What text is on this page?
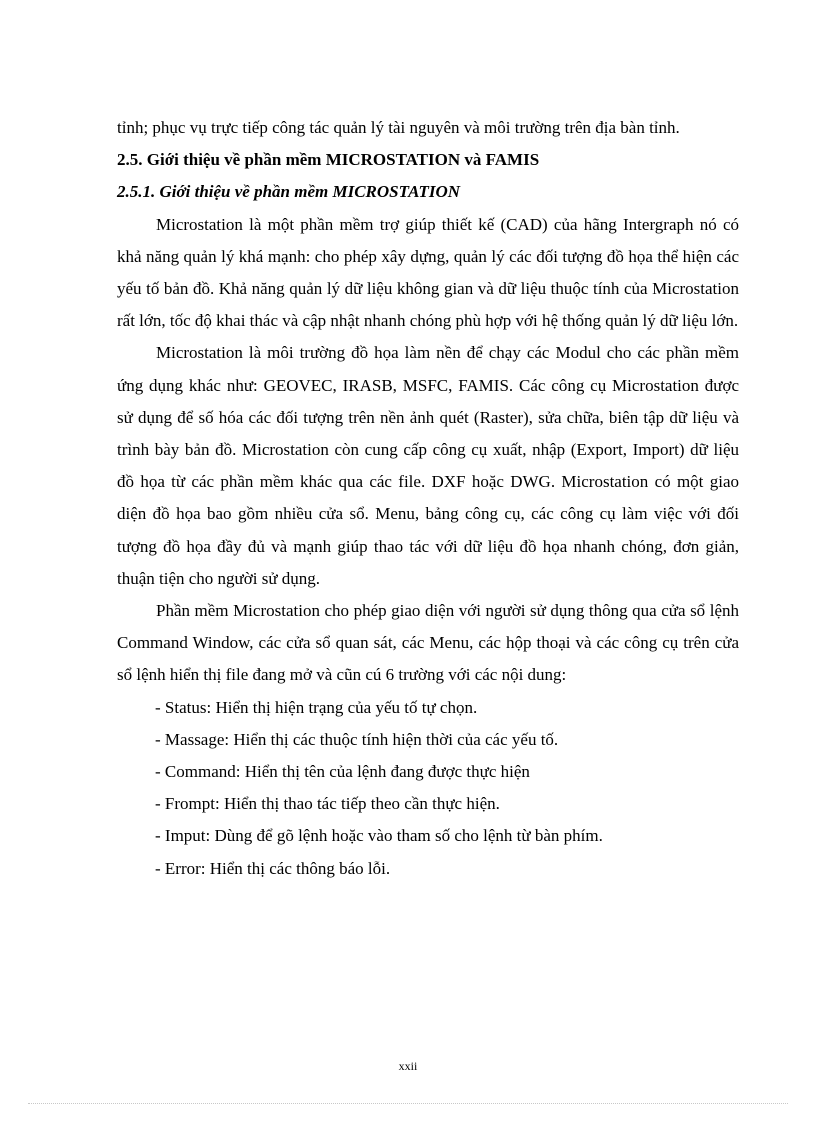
tỉnh; phục vụ trực tiếp công tác quản lý tài nguyên và môi trường trên địa bàn tỉnh.

2.5. Giới thiệu về phần mềm MICROSTATION và FAMIS

2.5.1. Giới thiệu về phần mềm MICROSTATION

Microstation là một phần mềm trợ giúp thiết kế (CAD) của hãng Intergraph nó có khả năng quản lý khá mạnh: cho phép xây dựng, quản lý các đối tượng đồ họa thể hiện các yếu tố bản đồ. Khả năng quản lý dữ liệu không gian và dữ liệu thuộc tính của Microstation rất lớn, tốc độ khai thác và cập nhật nhanh chóng phù hợp với hệ thống quản lý dữ liệu lớn.

Microstation là môi trường đồ họa làm nền để chạy các Modul cho các phần mềm ứng dụng khác như: GEOVEC, IRASB, MSFC, FAMIS. Các công cụ Microstation được sử dụng để số hóa các đối tượng trên nền ảnh quét (Raster), sửa chữa, biên tập dữ liệu và trình bày bản đồ. Microstation còn cung cấp công cụ xuất, nhập (Export, Import) dữ liệu đồ họa từ các phần mềm khác qua các file. DXF hoặc DWG. Microstation có một giao diện đồ họa bao gồm nhiều cửa sổ. Menu, bảng công cụ, các công cụ làm việc với đối tượng đồ họa đầy đủ và mạnh giúp thao tác với dữ liệu đồ họa nhanh chóng, đơn giản, thuận tiện cho người sử dụng.

Phần mềm Microstation cho phép giao diện với người sử dụng thông qua cửa sổ lệnh Command Window, các cửa sổ quan sát, các Menu, các hộp thoại và các công cụ trên cửa sổ lệnh hiển thị file đang mở và cũn cú 6 trường với các nội dung:

- Status: Hiển thị hiện trạng của yếu tố tự chọn.
- Massage: Hiển thị các thuộc tính hiện thời của các yếu tố.
- Command: Hiển thị tên của lệnh đang được thực hiện
- Frompt: Hiển thị thao tác tiếp theo cần thực hiện.
- Imput: Dùng để gõ lệnh hoặc vào tham số cho lệnh từ bàn phím.
- Error: Hiển thị các thông báo lỗi.
xxii
